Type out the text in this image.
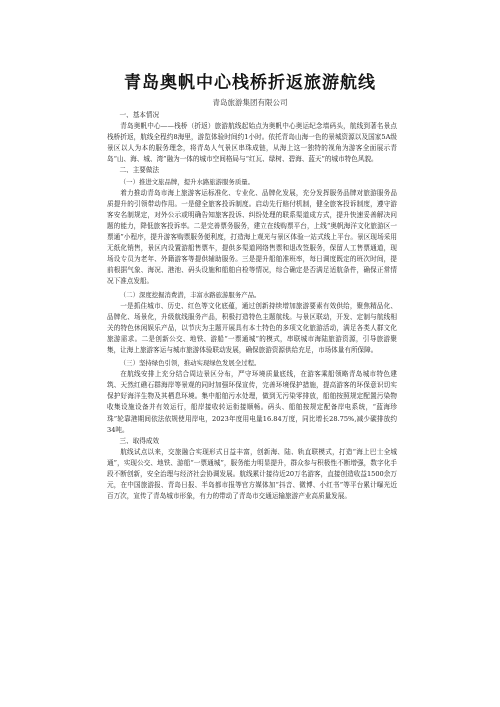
青岛奥帆中心栈桥折返旅游航线
青岛旅游集团有限公司

一、基本情况

青岛奥帆中心——栈桥（折返）旅游航线起始点为奥帆中心奥运纪念墙码头，航线到著名景点栈桥折返，航线全程约8海里，游览体验时间约1小时。依托青岛山海一色的景城资源以及国家5A级景区以人为本的服务理念，将青岛人气景区串珠成链，从海上这一独特的视角为游客全面展示青岛“山、海、城、湾”融为一体的城市空间格局与“红瓦、绿树、碧海、蓝天”的城市特色风貌。

二、主要做法

（一）推进文旅品牌，提升水路旅游服务质量。

着力推动青岛市海上旅游客运标准化、专业化、品牌化发展，充分发挥服务品牌对旅游服务品质提升的引领带动作用。一是健全旅客投诉制度。启动先行赔付机制，健全旅客投诉制度，遵守游客安名制规定，对外公示或明确告知旅客投诉、纠纷处理的联系渠道成方式，提升快速妥善解决问题的能力，降低旅客投诉率。二是完善票务服务，建立在线购票平台，上线“奥帆海洋文化旅游区一票通”小程序，提升游客购票服务便利度，打造海上观光与景区体验一站式线上平台。景区现场采用无纸化销售，景区内设置游船售票车，提供多渠道网络售票和退改签服务，保留人工售票通道，现场设专员为老年、外籍游客等提供辅助服务。三是提升船舶准班率，每日调度既定的班次时间，提前根据气象、海况、港池、码头设施和船舶自检等情况，综合确定是否满足适航条件，确保正常情况下准点发船。

（二）深度挖掘消费潜，丰富水路旅游服务产品。

一是抓住城市、历史、红色等文化底蕴，通过创新持续增加旅游要素有效供给，聚焦精品化、品牌化、场景化，升级航线服务产品，积极打造特色主题航线。与景区联动，开发、定制与航线相关的特色休闲娱乐产品，以节庆为主题开展具有本土特色的多项文化旅游活动，满足各类人群文化旅游需求。二是创新公交、地铁、游船“一票通城”的模式，串联城市海陆旅游资源，引导旅游聚集，让海上旅游客运与城市旅游体验联动发展，确保旅游资源供给充足，市场体量有所保障。

（三）坚持绿色引领，推动实现绿色发展全过程。

在航线安排上充分结合周边景区分布，严守环境质量底线，在游客乘船领略青岛城市特色建筑、天然红礁石群海岸等景观的同时加强环保宣传，完善环境保护措施，提高游客的环保意识切实保护好海洋生物及其栖息环境。集中船舶污水处理，做到无污染零排放，船舶按照规定配置污染物收集设施设备并有效运行，船岸接收转运衔接顺畅。码头、船舶按规定配备岸电系统，“蓝海珍珠”轮靠港期间依法依规使用岸电，2023年度用电量16.84万度，同比增长28.75%,减少碳排放约34吨。

三、取得成效

航线试点以来，交旅融合实现形式日益丰富，创新海、陆、轨直联模式，打造“海上巴士全城通”，实现公交、地铁、游船“一票通城”，服务能力明显提升，群众参与积极性不断增强，数字化手段不断创新，安全治理与经济社会协调发展。航线累计接待近20万名游客，直接创造收益1500余万元，在中国旅游报、青岛日报、半岛都市报等官方媒体加“抖音、微博、小红书”等平台累计曝光近百万次，宣传了青岛城市形象，有力的带动了青岛市交通运输旅游产业高质量发展。
